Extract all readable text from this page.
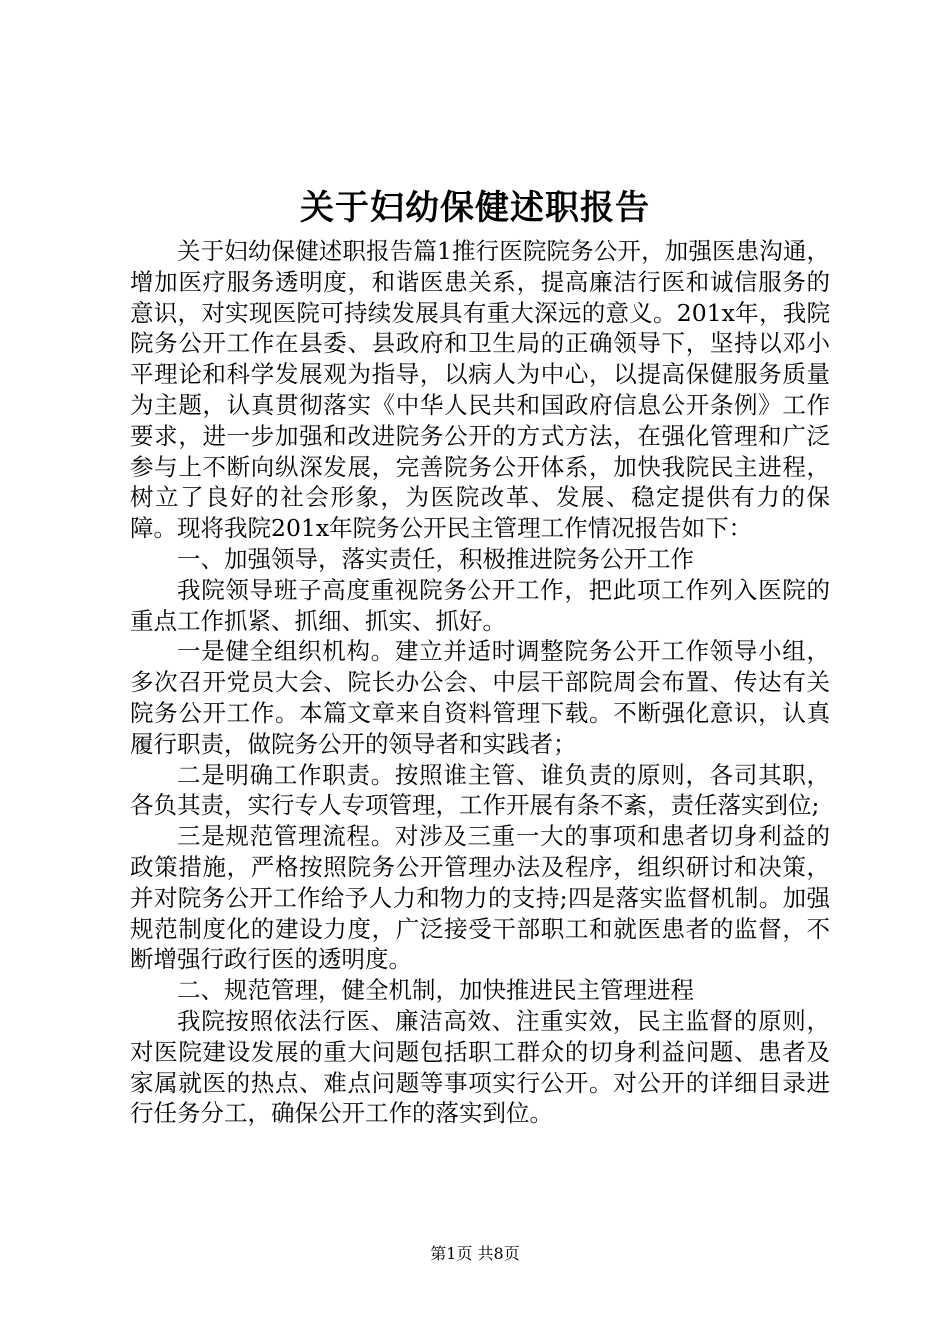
关于妇幼保健述职报告

关于妇幼保健述职报告篇1推行医院院务公开，加强医患沟通，增加医疗服务透明度，和谐医患关系，提高廉洁行医和诚信服务的意识，对实现医院可持续发展具有重大深远的意义。201x年，我院院务公开工作在县委、县政府和卫生局的正确领导下，坚持以邓小平理论和科学发展观为指导，以病人为中心，以提高保健服务质量为主题，认真贯彻落实《中华人民共和国政府信息公开条例》工作要求，进一步加强和改进院务公开的方式方法，在强化管理和广泛参与上不断向纵深发展，完善院务公开体系，加快我院民主进程，树立了良好的社会形象，为医院改革、发展、稳定提供有力的保障。现将我院201x年院务公开民主管理工作情况报告如下：

一、加强领导，落实责任，积极推进院务公开工作

我院领导班子高度重视院务公开工作，把此项工作列入医院的重点工作抓紧、抓细、抓实、抓好。

一是健全组织机构。建立并适时调整院务公开工作领导小组，多次召开党员大会、院长办公会、中层干部院周会布置、传达有关院务公开工作。本篇文章来自资料管理下载。不断强化意识，认真履行职责，做院务公开的领导者和实践者；

二是明确工作职责。按照谁主管、谁负责的原则，各司其职，各负其责，实行专人专项管理，工作开展有条不紊，责任落实到位;

三是规范管理流程。对涉及三重一大的事项和患者切身利益的政策措施，严格按照院务公开管理办法及程序，组织研讨和决策，并对院务公开工作给予人力和物力的支持;四是落实监督机制。加强规范制度化的建设力度，广泛接受干部职工和就医患者的监督，不断增强行政行医的透明度。

二、规范管理，健全机制，加快推进民主管理进程

我院按照依法行医、廉洁高效、注重实效，民主监督的原则，对医院建设发展的重大问题包括职工群众的切身利益问题、患者及家属就医的热点、难点问题等事项实行公开。对公开的详细目录进行任务分工，确保公开工作的落实到位。

第1页 共8页
